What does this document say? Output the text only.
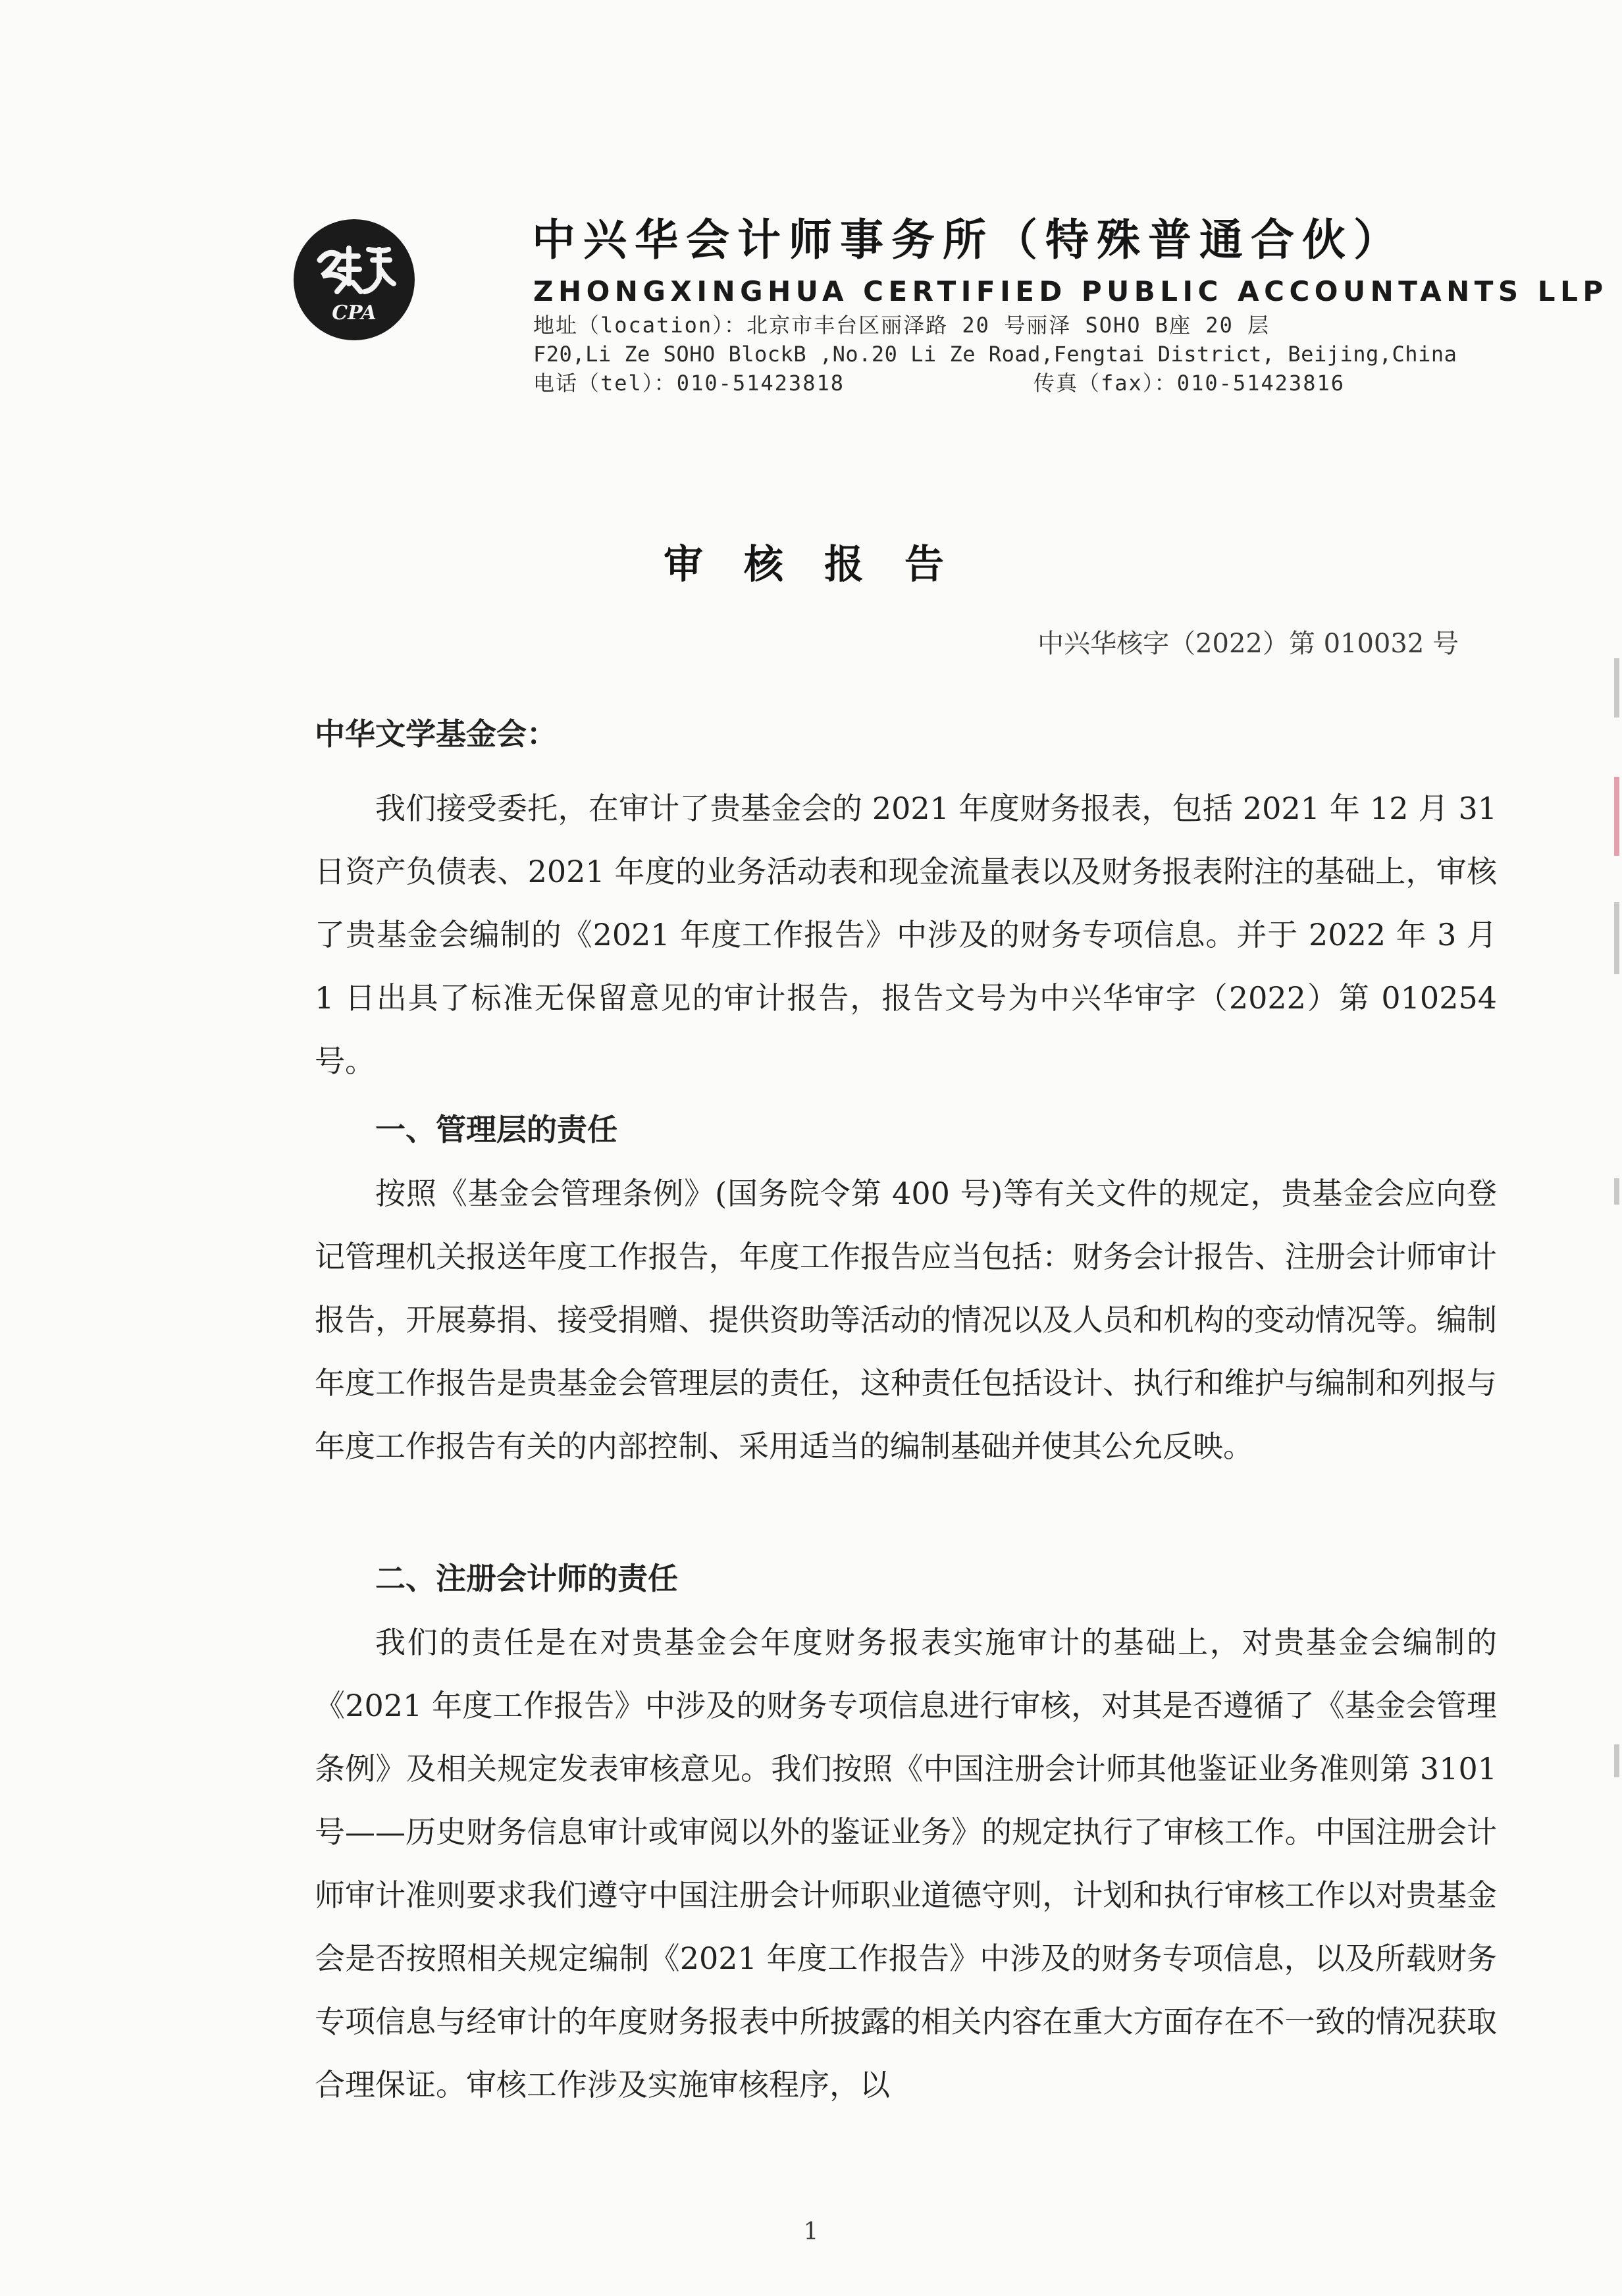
CPA
中兴华会计师事务所（特殊普通合伙）
ZHONGXINGHUA CERTIFIED PUBLIC ACCOUNTANTS LLP
地址（location）：北京市丰台区丽泽路 20 号丽泽 SOHO B座 20 层
F20,Li Ze SOHO BlockB ,No.20 Li Ze Road,Fengtai District, Beijing,China
电话（tel）：010-51423818	传真（fax）：010-51423816
审核报告
中兴华核字（2022）第 010032 号
中华文学基金会：

我们接受委托，在审计了贵基金会的 2021 年度财务报表，包括 2021 年 12 月 31 日资产负债表、2021 年度的业务活动表和现金流量表以及财务报表附注的基础上，审核了贵基金会编制的《2021 年度工作报告》中涉及的财务专项信息。并于 2022 年 3 月 1 日出具了标准无保留意见的审计报告，报告文号为中兴华审字（2022）第 010254 号。

一、管理层的责任

按照《基金会管理条例》(国务院令第 400 号)等有关文件的规定，贵基金会应向登记管理机关报送年度工作报告，年度工作报告应当包括：财务会计报告、注册会计师审计报告，开展募捐、接受捐赠、提供资助等活动的情况以及人员和机构的变动情况等。编制年度工作报告是贵基金会管理层的责任，这种责任包括设计、执行和维护与编制和列报与年度工作报告有关的内部控制、采用适当的编制基础并使其公允反映。

二、注册会计师的责任

我们的责任是在对贵基金会年度财务报表实施审计的基础上，对贵基金会编制的《2021 年度工作报告》中涉及的财务专项信息进行审核，对其是否遵循了《基金会管理条例》及相关规定发表审核意见。我们按照《中国注册会计师其他鉴证业务准则第 3101 号——历史财务信息审计或审阅以外的鉴证业务》的规定执行了审核工作。中国注册会计师审计准则要求我们遵守中国注册会计师职业道德守则，计划和执行审核工作以对贵基金会是否按照相关规定编制《2021 年度工作报告》中涉及的财务专项信息，以及所载财务专项信息与经审计的年度财务报表中所披露的相关内容在重大方面存在不一致的情况获取合理保证。审核工作涉及实施审核程序，以

1
